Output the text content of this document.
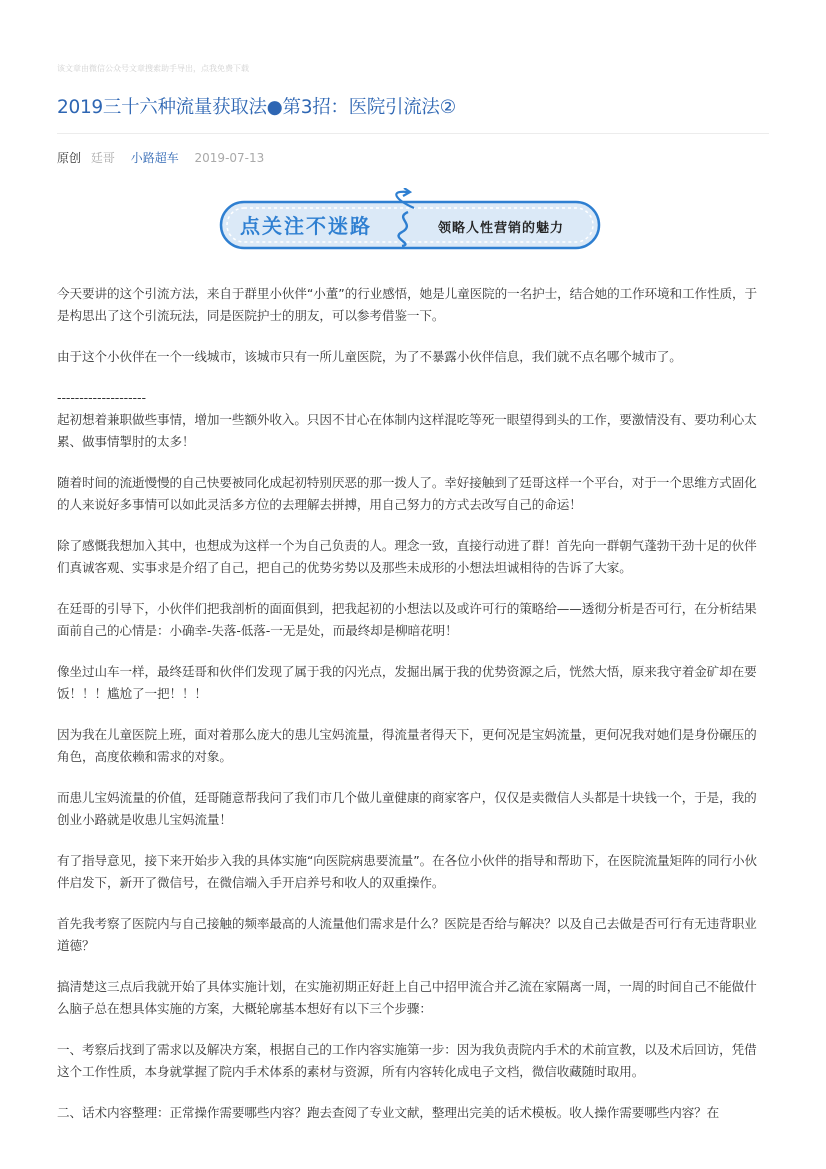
该文章由微信公众号文章搜索助手导出，点我免费下载
2019三十六种流量获取法●第3招：医院引流法②
原创 廷哥 小路超车 2019-07-13
点关注不迷路	领略人性营销的魅力

今天要讲的这个引流方法，来自于群里小伙伴“小董”的行业感悟，她是儿童医院的一名护士，结合她的工作环境和工作性质，于是构思出了这个引流玩法，同是医院护士的朋友，可以参考借鉴一下。

由于这个小伙伴在一个一线城市，该城市只有一所儿童医院，为了不暴露小伙伴信息，我们就不点名哪个城市了。

--------------------

起初想着兼职做些事情，增加一些额外收入。只因不甘心在体制内这样混吃等死一眼望得到头的工作，要激情没有、要功利心太累、做事情掣肘的太多！

随着时间的流逝慢慢的自己快要被同化成起初特别厌恶的那一拨人了。幸好接触到了廷哥这样一个平台，对于一个思维方式固化的人来说好多事情可以如此灵活多方位的去理解去拼搏，用自己努力的方式去改写自己的命运！

除了感慨我想加入其中，也想成为这样一个为自己负责的人。理念一致，直接行动进了群！首先向一群朝气蓬勃干劲十足的伙伴们真诚客观、实事求是介绍了自己，把自己的优势劣势以及那些未成形的小想法坦诚相待的告诉了大家。

在廷哥的引导下，小伙伴们把我剖析的面面俱到，把我起初的小想法以及或许可行的策略给——透彻分析是否可行，在分析结果面前自己的心情是：小确幸-失落-低落-一无是处，而最终却是柳暗花明！

像坐过山车一样，最终廷哥和伙伴们发现了属于我的闪光点，发掘出属于我的优势资源之后，恍然大悟，原来我守着金矿却在要饭！！！尴尬了一把！！！

因为我在儿童医院上班，面对着那么庞大的患儿宝妈流量，得流量者得天下，更何况是宝妈流量，更何况我对她们是身份碾压的角色，高度依赖和需求的对象。

而患儿宝妈流量的价值，廷哥随意帮我问了我们市几个做儿童健康的商家客户，仅仅是卖微信人头都是十块钱一个，于是，我的创业小路就是收患儿宝妈流量！

有了指导意见，接下来开始步入我的具体实施“向医院病患要流量”。在各位小伙伴的指导和帮助下，在医院流量矩阵的同行小伙伴启发下，新开了微信号，在微信端入手开启养号和收人的双重操作。

首先我考察了医院内与自己接触的频率最高的人流量他们需求是什么？医院是否给与解决？以及自己去做是否可行有无违背职业道德？

搞清楚这三点后我就开始了具体实施计划，在实施初期正好赶上自己中招甲流合并乙流在家隔离一周，一周的时间自己不能做什么脑子总在想具体实施的方案，大概轮廓基本想好有以下三个步骤：

一、考察后找到了需求以及解决方案，根据自己的工作内容实施第一步：因为我负责院内手术的术前宣教，以及术后回访，凭借这个工作性质，本身就掌握了院内手术体系的素材与资源，所有内容转化成电子文档，微信收藏随时取用。

二、话术内容整理：正常操作需要哪些内容？跑去查阅了专业文献，整理出完美的话术模板。收人操作需要哪些内容？在
